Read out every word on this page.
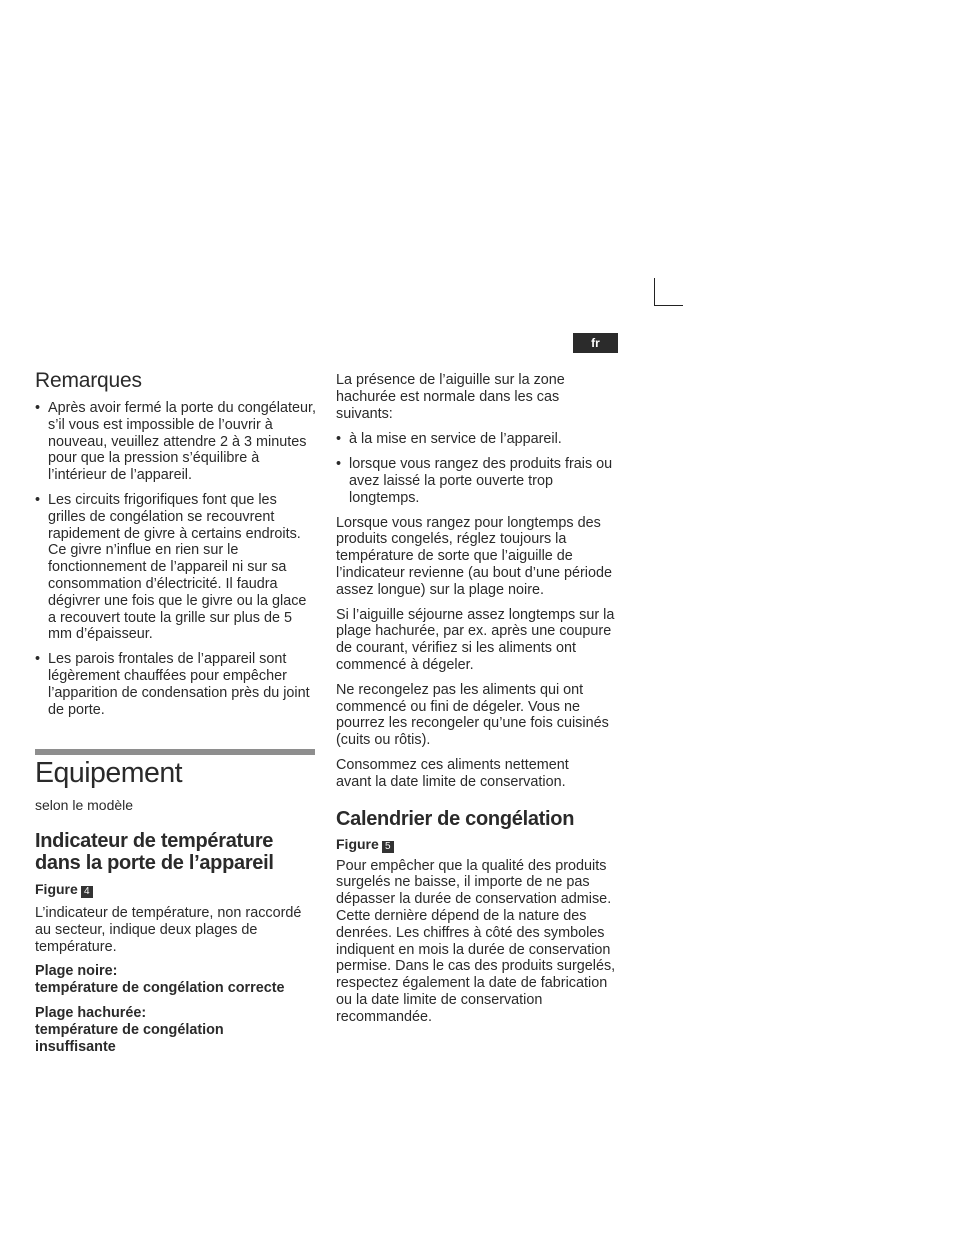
fr
Remarques
• Après avoir fermé la porte du congélateur, s’il vous est impossible de l’ouvrir à nouveau, veuillez attendre 2 à 3 minutes pour que la pression s’équilibre à l’intérieur de l’appareil.
• Les circuits frigorifiques font que les grilles de congélation se recouvrent rapidement de givre à certains endroits. Ce givre n’influe en rien sur le fonctionnement de l’appareil ni sur sa consommation d’électricité. Il faudra dégivrer une fois que le givre ou la glace a recouvert toute la grille sur plus de 5 mm d’épaisseur.
• Les parois frontales de l’appareil sont légèrement chauffées pour empêcher l’apparition de condensation près du joint de porte.
Equipement

selon le modèle

Indicateur de température
dans la porte de l’appareil
Figure 4

L’indicateur de température, non raccordé au secteur, indique deux plages de température.

Plage noire:
température de congélation correcte
Plage hachurée:
température de congélation insuffisante

La présence de l’aiguille sur la zone hachurée est normale dans les cas suivants:

• à la mise en service de l’appareil.
• lorsque vous rangez des produits frais ou avez laissé la porte ouverte trop longtemps.

Lorsque vous rangez pour longtemps des produits congelés, réglez toujours la température de sorte que l’aiguille de l’indicateur revienne (au bout d’une période assez longue) sur la plage noire.

Si l’aiguille séjourne assez longtemps sur la plage hachurée, par ex. après une coupure de courant, vérifiez si les aliments ont commencé à dégeler.

Ne recongelez pas les aliments qui ont commencé ou fini de dégeler. Vous ne pourrez les recongeler qu’une fois cuisinés (cuits ou rôtis).

Consommez ces aliments nettement avant la date limite de conservation.

Calendrier de congélation
Figure 5

Pour empêcher que la qualité des produits surgelés ne baisse, il importe de ne pas dépasser la durée de conservation admise. Cette dernière dépend de la nature des denrées. Les chiffres à côté des symboles indiquent en mois la durée de conservation permise. Dans le cas des produits surgelés, respectez également la date de fabrication ou la date limite de conservation recommandée.
